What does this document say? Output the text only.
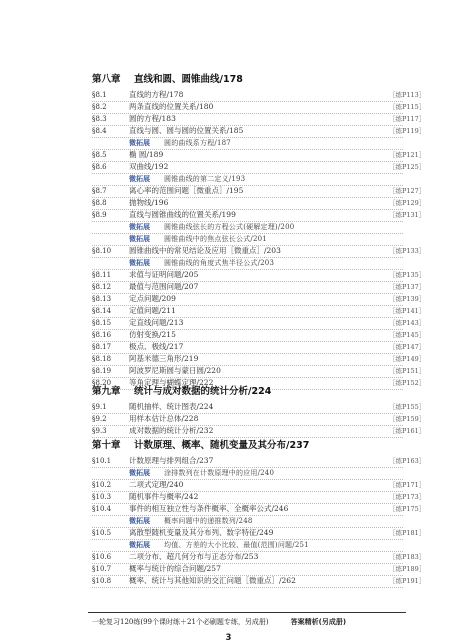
第八章 直线和圆、圆锥曲线/178
§8.1	直线的方程/178	［练P113］
§8.2	两条直线的位置关系/180	［练P115］
§8.3	圆的方程/183	［练P117］
§8.4	直线与圆、圆与圆的位置关系/185	［练P119］
微拓展 圆的曲线系方程/187
§8.5	椭 圆/189	［练P121］
§8.6	双曲线/192	［练P125］
微拓展 圆锥曲线的第二定义/193
§8.7	离心率的范围问题［微重点］/195	［练P127］
§8.8	抛物线/196	［练P129］
§8.9	直线与圆锥曲线的位置关系/199	［练P131］
微拓展 圆锥曲线弦长的方程公式(硬解定理)/200
微拓展 圆锥曲线中的焦点弦长公式/201
§8.10 圆锥曲线中的常见结论及应用［微重点］/203	［练P133］
微拓展 圆锥曲线的角度式焦半径公式/203
§8.11 求值与证明问题/205	［练P135］
§8.12 最值与范围问题/207	［练P137］
§8.13 定点问题/209	［练P139］
§8.14 定值问题/211	［练P141］
§8.15 定直线问题/213	［练P143］
§8.16 仿射变换/215	［练P145］
§8.17 极点、极线/217	［练P147］
§8.18 阿基米德三角形/219	［练P149］
§8.19 阿波罗尼斯圆与蒙日圆/220	［练P151］
§8.20 等角定理与蝴蝶定理/222	［练P152］
第九章 统计与成对数据的统计分析/224
§9.1	随机抽样、统计图表/224	［练P155］
§9.2	用样本估计总体/228	［练P159］
§9.3	成对数据的统计分析/232	［练P161］
第十章 计数原理、概率、随机变量及其分布/237
§10.1 计数原理与排列组合/237	［练P163］
微拓展 涂排数列在计数原理中的应用/240
§10.2 二项式定理/240	［练P171］
§10.3 随机事件与概率/242	［练P173］
§10.4 事件的相互独立性与条件概率、全概率公式/246	［练P175］
微拓展 概率问题中的递推数列/248
§10.5 离散型随机变量及其分布列、数字特征/249	［练P181］
微拓展 均值、方差的大小比较、最值(范围)问题/251
§10.6 二项分布、超几何分布与正态分布/253	［练P183］
§10.7 概率与统计的综合问题/257	［练P189］
§10.8 概率、统计与其他知识的交汇问题［微重点］/262	［练P191］
一轮复习120练(99个课时练＋21个必刷题专练，另成册)	答案精析(另成册)
3
